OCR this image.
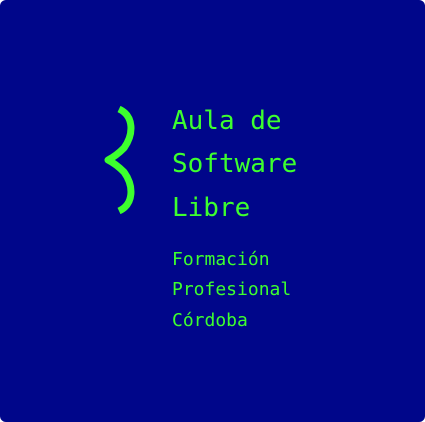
Aula de
Software
Libre
Formación
Profesional
Córdoba
